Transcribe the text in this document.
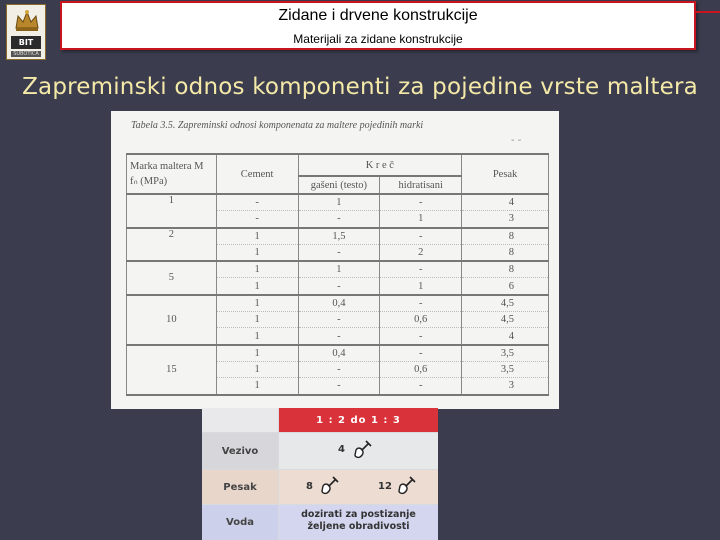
BIT
SUBOTICA
Zidane i drvene konstrukcije
Materijali za zidane konstrukcije
Zapreminski odnos komponenti za pojedine vrste maltera
Tabela 3.5. Zapreminski odnosi komponenata za maltere pojedinih marki
- -
Marka maltera M
fₙ (MPa)	Cement	K r e č		Pesak
		gašeni (testo)	hidratisani	
1	-	1	-	4
	-	-	1	3
2	1	1,5	-	8
	1	-	2	8
5	1	1	-	8
	1	-	1	6
10	1	0,4	-	4,5
	1	-	0,6	4,5
	1	-	-	4
15	1	0,4	-	3,5
	1	-	0,6	3,5
	1	-	-	3
1 : 2 do 1 : 3
Vezivo	4
Pesak	8	12
Voda
dozirati za postizanje
željene obradivosti
